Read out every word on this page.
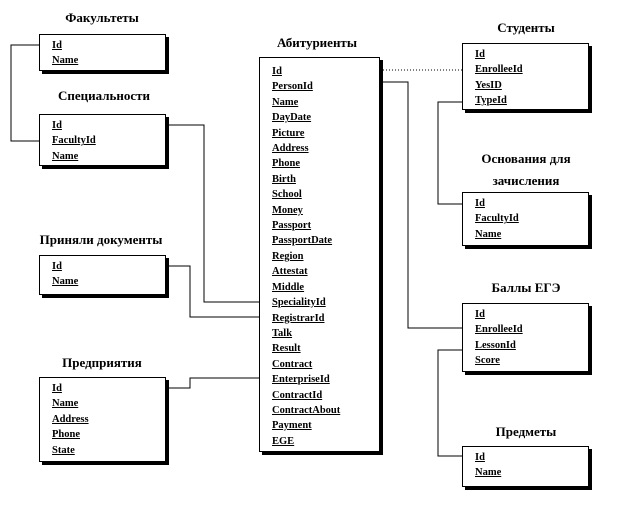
Факультеты
Id
Name
Специальности
Id
FacultyId
Name
Приняли документы
Id
Name
Предприятия
Id
Name
Address
Phone
State
Абитуриенты
Id
PersonId
Name
DayDate
Picture
Address
Phone
Birth
School
Money
Passport
PassportDate
Region
Attestat
Middle
SpecialityId
RegistrarId
Talk
Result
Contract
EnterpriseId
ContractId
ContractAbout
Payment
EGE
Студенты
Id
EnrolleeId
YesID
TypeId
Основания для зачисления
Id
FacultyId
Name
Баллы ЕГЭ
Id
EnrolleeId
LessonId
Score
Предметы
Id
Name
